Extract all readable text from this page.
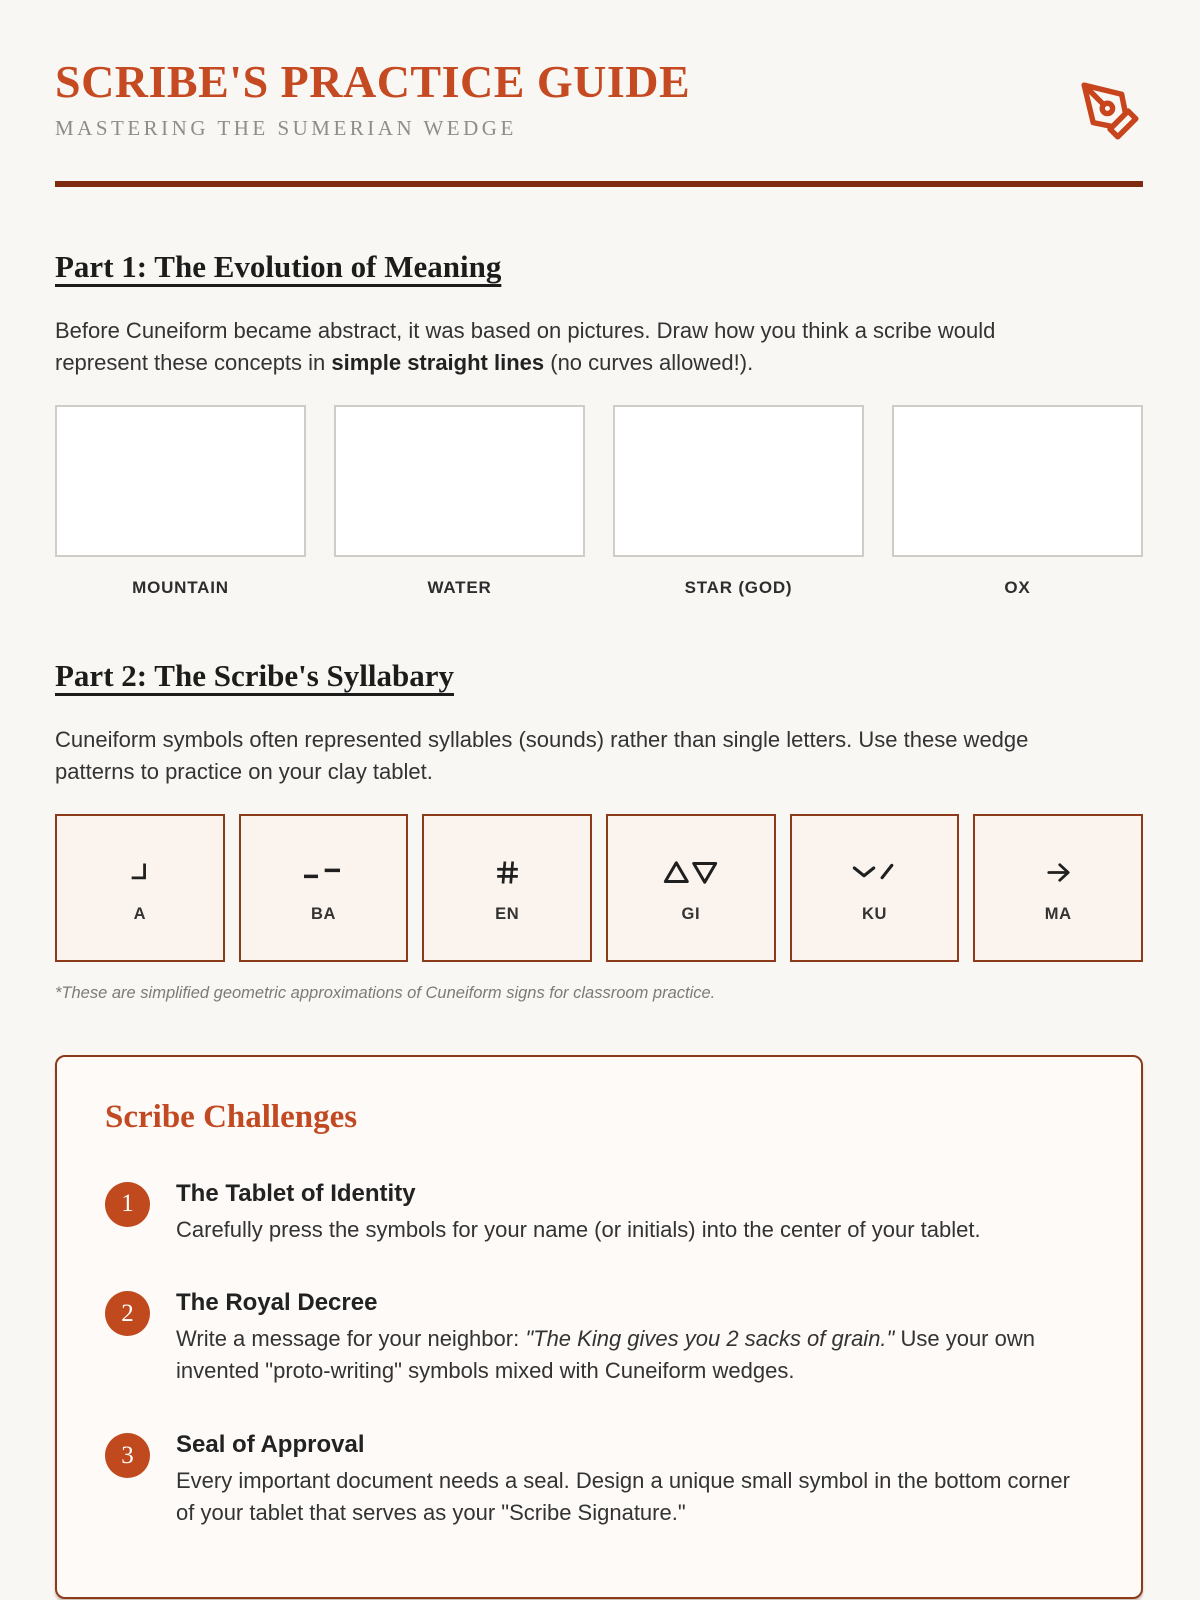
SCRIBE'S PRACTICE GUIDE
MASTERING THE SUMERIAN WEDGE
Part 1: The Evolution of Meaning
Before Cuneiform became abstract, it was based on pictures. Draw how you think a scribe would represent these concepts in simple straight lines (no curves allowed!).
MOUNTAIN	WATER	STAR (GOD)	OX
Part 2: The Scribe's Syllabary
Cuneiform symbols often represented syllables (sounds) rather than single letters. Use these wedge patterns to practice on your clay tablet.
A	BA	EN	GI	KU	MA
*These are simplified geometric approximations of Cuneiform signs for classroom practice.
Scribe Challenges
1	The Tablet of Identity
Carefully press the symbols for your name (or initials) into the center of your tablet.
2	The Royal Decree
Write a message for your neighbor: "The King gives you 2 sacks of grain." Use your own invented "proto-writing" symbols mixed with Cuneiform wedges.
3	Seal of Approval
Every important document needs a seal. Design a unique small symbol in the bottom corner of your tablet that serves as your "Scribe Signature."
